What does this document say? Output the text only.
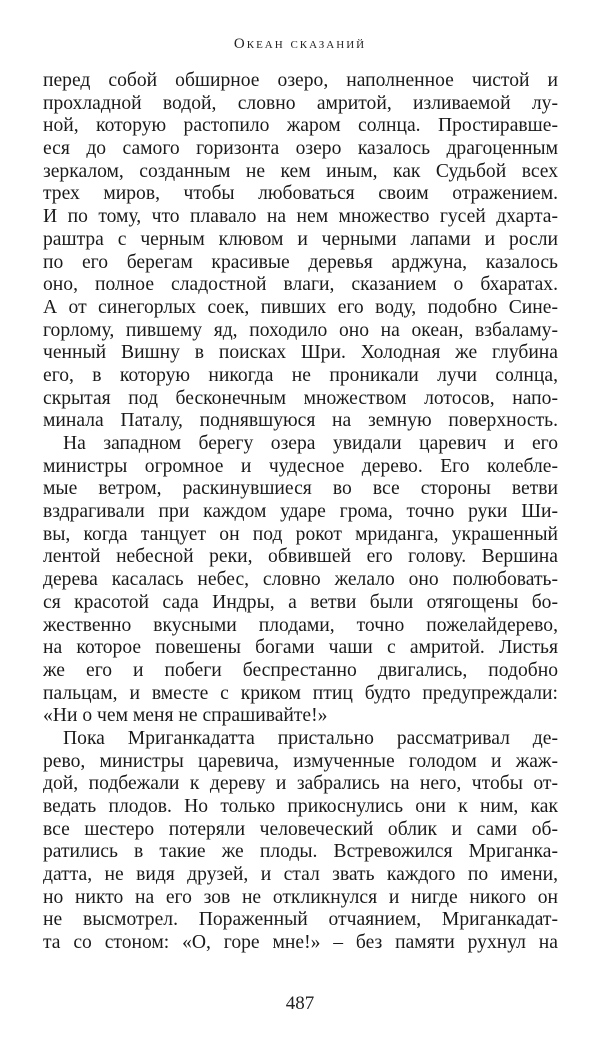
Океан сказаний
перед собой обширное озеро, наполненное чистой и
прохладной водой, словно амритой, изливаемой лу-
ной, которую растопило жаром солнца. Простиравше-
еся до самого горизонта озеро казалось драгоценным
зеркалом, созданным не кем иным, как Судьбой всех
трех миров, чтобы любоваться своим отражением.
И по тому, что плавало на нем множество гусей дхарта-
раштра с черным клювом и черными лапами и росли
по его берегам красивые деревья арджуна, казалось
оно, полное сладостной влаги, сказанием о бхаратах.
А от синегорлых соек, пивших его воду, подобно Сине-
горлому, пившему яд, походило оно на океан, взбаламу-
ченный Вишну в поисках Шри. Холодная же глубина
его, в которую никогда не проникали лучи солнца,
скрытая под бесконечным множеством лотосов, напо-
минала Паталу, поднявшуюся на земную поверхность.
На западном берегу озера увидали царевич и его
министры огромное и чудесное дерево. Его колебле-
мые ветром, раскинувшиеся во все стороны ветви
вздрагивали при каждом ударе грома, точно руки Ши-
вы, когда танцует он под рокот мриданга, украшенный
лентой небесной реки, обвившей его голову. Вершина
дерева касалась небес, словно желало оно полюбовать-
ся красотой сада Индры, а ветви были отягощены бо-
жественно вкусными плодами, точно пожелайдерево,
на которое повешены богами чаши с амритой. Листья
же его и побеги беспрестанно двигались, подобно
пальцам, и вместе с криком птиц будто предупреждали:
«Ни о чем меня не спрашивайте!»
Пока Мриганкадатта пристально рассматривал де-
рево, министры царевича, измученные голодом и жаж-
дой, подбежали к дереву и забрались на него, чтобы от-
ведать плодов. Но только прикоснулись они к ним, как
все шестеро потеряли человеческий облик и сами об-
ратились в такие же плоды. Встревожился Мриганка-
датта, не видя друзей, и стал звать каждого по имени,
но никто на его зов не откликнулся и нигде никого он
не высмотрел. Пораженный отчаянием, Мриганкадат-
та со стоном: «О, горе мне!» – без памяти рухнул на
487
